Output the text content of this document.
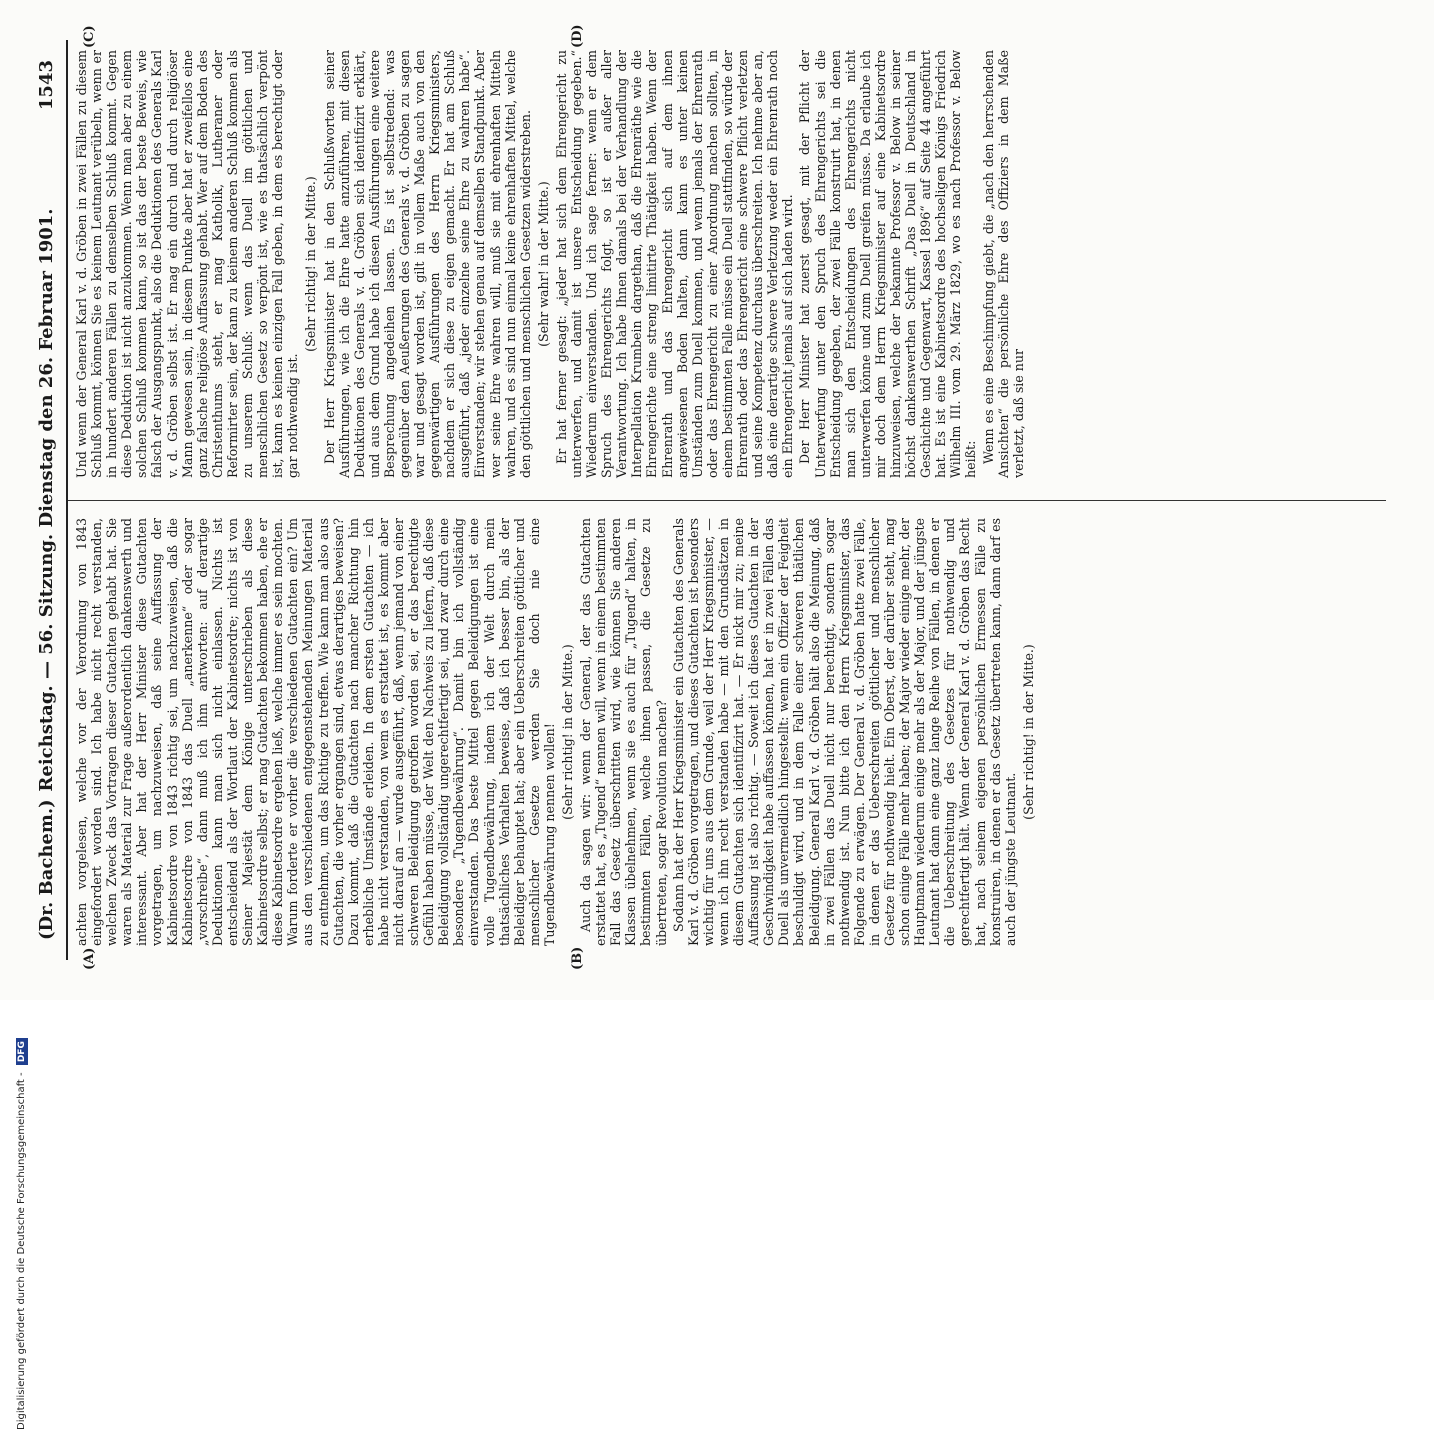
(Dr. Bachem.)
Reichstag. — 56. Sitzung. Dienstag den 26. Februar 1901.
1543
(A)	(B)
(C)	(D)

achten vorgelesen, welche vor der Verordnung von 1843 eingefordert worden sind. Ich habe nicht recht verstanden, welchen Zweck das Vortragen dieser Gutachten gehabt hat. Sie waren als Material zur Frage außerordentlich dankenswerth und interessant. Aber hat der Herr Minister diese Gutachten vorgetragen, um nachzuweisen, daß seine Auffassung der Kabinetsordre von 1843 richtig sei, um nachzuweisen, daß die Kabinetsordre von 1843 das Duell „anerkenne“ oder sogar „vorschreibe“, dann muß ich ihm antworten: auf derartige Deduktionen kann man sich nicht einlassen. Nichts ist entscheidend als der Wortlaut der Kabinetsordre; nichts ist von Seiner Majestät dem Könige unterschrieben als diese Kabinetsordre selbst; er mag Gutachten bekommen haben, ehe er diese Kabinetsordre ergehen ließ, welche immer es sein mochten. Warum forderte er vorher die verschiedenen Gutachten ein? Um aus den verschiedenen entgegenstehenden Meinungen Material zu entnehmen, um das Richtige zu treffen. Wie kann man also aus Gutachten, die vorher ergangen sind, etwas derartiges beweisen? Dazu kommt, daß die Gutachten nach mancher Richtung hin erhebliche Umstände erleiden. In dem ersten Gutachten — ich habe nicht verstanden, von wem es erstattet ist, es kommt aber nicht darauf an — wurde ausgeführt, daß, wenn jemand von einer schweren Beleidigung getroffen worden sei, er das berechtigte Gefühl haben müsse, der Welt den Nachweis zu liefern, daß diese Beleidigung vollständig ungerechtfertigt sei, und zwar durch eine besondere „Tugendbewährung“. Damit bin ich vollständig einverstanden. Das beste Mittel gegen Beleidigungen ist eine volle Tugendbewährung, indem ich der Welt durch mein thatsächliches Verhalten beweise, daß ich besser bin, als der Beleidiger behauptet hat; aber ein Ueberschreiten göttlicher und menschlicher Gesetze werden Sie doch nie eine Tugendbewährung nennen wollen! (Sehr richtig! in der Mitte.) Auch da sagen wir: wenn der General, der das Gutachten erstattet hat, es „Tugend“ nennen will, wenn in einem bestimmten Fall das Gesetz überschritten wird, wie können Sie anderen Klassen übelnehmen, wenn sie es auch für „Tugend“ halten, in bestimmten Fällen, welche ihnen passen, die Gesetze zu übertreten, sogar Revolution machen? Sodann hat der Herr Kriegsminister ein Gutachten des Generals Karl v. d. Gröben vorgetragen, und dieses Gutachten ist besonders wichtig für uns aus dem Grunde, weil der Herr Kriegsminister, — wenn ich ihn recht verstanden habe — mit den Grundsätzen in diesem Gutachten sich identifizirt hat. — Er nickt mir zu; meine Auffassung ist also richtig. — Soweit ich dieses Gutachten in der Geschwindigkeit habe auffassen können, hat er in zwei Fällen das Duell als unvermeidlich hingestellt: wenn ein Offizier der Feigheit beschuldigt wird, und in dem Falle einer schweren thätlichen Beleidigung. General Karl v. d. Gröben hält also die Meinung, daß in zwei Fällen das Duell nicht nur berechtigt, sondern sogar nothwendig ist. Nun bitte ich den Herrn Kriegsminister, das Folgende zu erwägen. Der General v. d. Gröben hatte zwei Fälle, in denen er das Ueberschreiten göttlicher und menschlicher Gesetze für nothwendig hielt. Ein Oberst, der darüber steht, mag schon einige Fälle mehr haben; der Major wieder einige mehr, der Hauptmann wiederum einige mehr als der Major, und der jüngste Leutnant hat dann eine ganz lange Reihe von Fällen, in denen er die Ueberschreitung des Gesetzes für nothwendig und gerechtfertigt hält. Wenn der General Karl v. d. Gröben das Recht hat, nach seinem eigenen persönlichen Ermessen Fälle zu konstruiren, in denen er das Gesetz übertreten kann, dann darf es auch der jüngste Leutnant.

(Sehr richtig! in der Mitte.)

Und wenn der General Karl v. d. Gröben in zwei Fällen zu diesem Schluß kommt, können Sie es keinem Leutnant verübeln, wenn er in hundert anderen Fällen zu demselben Schluß kommt. Gegen diese Deduktion ist nicht anzukommen. Wenn man aber zu einem solchen Schluß kommen kann, so ist das der beste Beweis, wie falsch der Ausgangspunkt, also die Deduktionen des Generals Karl v. d. Gröben selbst ist. Er mag ein durch und durch religiöser Mann gewesen sein, in diesem Punkte aber hat er zweifellos eine ganz falsche religiöse Auffassung gehabt. Wer auf dem Boden des Christenthums steht, er mag Katholik, Lutheraner oder Reformirter sein, der kann zu keinem anderen Schluß kommen als zu unserem Schluß: wenn das Duell im göttlichen und menschlichen Gesetz so verpönt ist, wie es thatsächlich verpönt ist, kann es keinen einzigen Fall geben, in dem es berechtigt oder gar nothwendig ist.

(Sehr richtig! in der Mitte.) Der Herr Kriegsminister hat in den Schlußworten seiner Ausführungen, wie ich die Ehre hatte anzuführen, mit diesen Deduktionen des Generals v. d. Gröben sich identifizirt erklärt, und aus dem Grund habe ich diesen Ausführungen eine weitere Besprechung angedeihen lassen. Es ist selbstredend: was gegenüber den Aeußerungen des Generals v. d. Gröben zu sagen war und gesagt worden ist, gilt in vollem Maße auch von den gegenwärtigen Ausführungen des Herrn Kriegsministers, nachdem er sich diese zu eigen gemacht. Er hat am Schluß ausgeführt, daß „jeder einzelne seine Ehre zu wahren habe“. Einverstanden; wir stehen genau auf demselben Standpunkt. Aber wer seine Ehre wahren will, muß sie mit ehrenhaften Mitteln wahren, und es sind nun einmal keine ehrenhaften Mittel, welche den göttlichen und menschlichen Gesetzen widerstreben. (Sehr wahr! in der Mitte.) Er hat ferner gesagt: „jeder hat sich dem Ehrengericht zu unterwerfen, und damit ist unsere Entscheidung gegeben.“ Wiederum einverstanden. Und ich sage ferner: wenn er dem Spruch des Ehrengerichts folgt, so ist er außer aller Verantwortung. Ich habe Ihnen damals bei der Verhandlung der Interpellation Krumbein dargethan, daß die Ehrenräthe wie die Ehrengerichte eine streng limitirte Thätigkeit haben. Wenn der Ehrenrath und das Ehrengericht sich auf dem ihnen angewiesenen Boden halten, dann kann es unter keinen Umständen zum Duell kommen, und wenn jemals der Ehrenrath oder das Ehrengericht zu einer Anordnung machen sollten, in einem bestimmten Falle müsse ein Duell stattfinden, so würde der Ehrenrath oder das Ehrengericht eine schwere Pflicht verletzen und seine Kompetenz durchaus überschreiten. Ich nehme aber an, daß eine derartige schwere Verletzung weder ein Ehrenrath noch ein Ehrengericht jemals auf sich laden wird. Der Herr Minister hat zuerst gesagt, mit der Pflicht der Unterwerfung unter den Spruch des Ehrengerichts sei die Entscheidung gegeben, der zwei Fälle konstruirt hat, in denen man sich den Entscheidungen des Ehrengerichts nicht unterwerfen könne und zum Duell greifen müsse. Da erlaube ich mir doch dem Herrn Kriegsminister auf eine Kabinetsordre hinzuweisen, welche der bekannte Professor v. Below in seiner höchst dankenswerthen Schrift „Das Duell in Deutschland in Geschichte und Gegenwart, Kassel 1896“ auf Seite 44 angeführt hat. Es ist eine Kabinetsordre des hochseligen Königs Friedrich Wilhelm III. vom 29. März 1829, wo es nach Professor v. Below heißt: Wenn es eine Beschimpfung giebt, die „nach den herrschenden Ansichten“ die persönliche Ehre des Offiziers in dem Maße verletzt, daß sie nur

Digitalisierung gefördert durch die Deutsche Forschungsgemeinschaft - DFG
